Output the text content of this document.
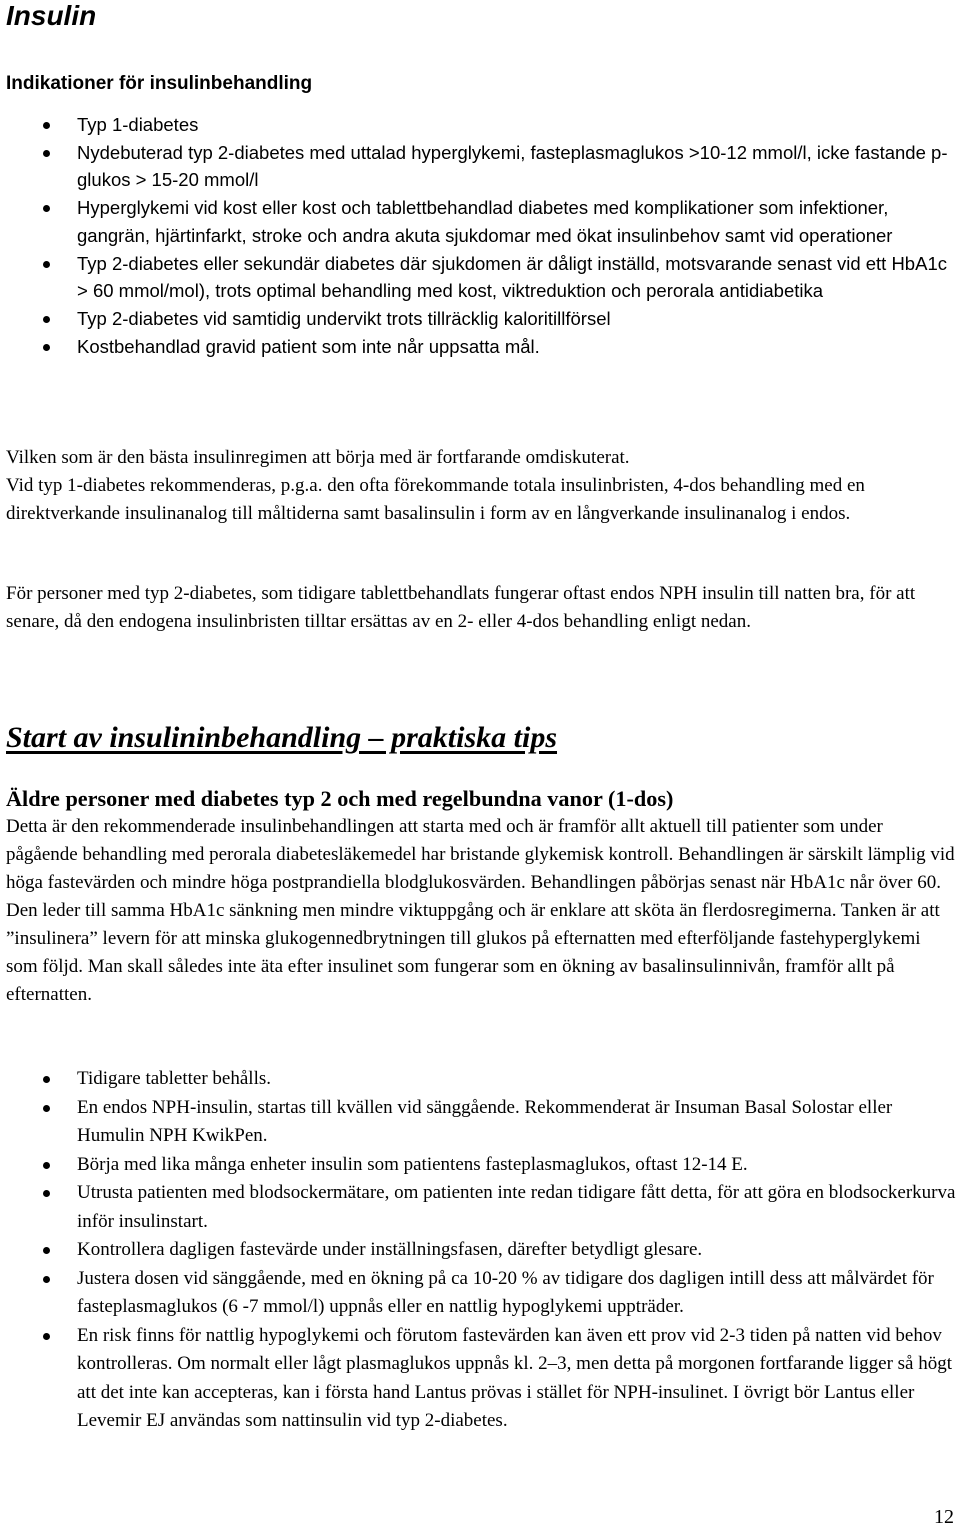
Insulin
Indikationer för insulinbehandling
Typ 1-diabetes
Nydebuterad typ 2-diabetes med uttalad hyperglykemi, fasteplasmaglukos >10-12 mmol/l, icke fastande p-glukos > 15-20 mmol/l
Hyperglykemi vid kost eller kost och tablettbehandlad diabetes med komplikationer som infektioner, gangrän, hjärtinfarkt, stroke och andra akuta sjukdomar med ökat insulinbehov samt vid operationer
Typ 2-diabetes eller sekundär diabetes där sjukdomen är dåligt inställd, motsvarande senast vid ett HbA1c > 60 mmol/mol), trots optimal behandling med kost, viktreduktion och perorala antidiabetika
Typ 2-diabetes vid samtidig undervikt trots tillräcklig kaloritillförsel
Kostbehandlad gravid patient som inte når uppsatta mål.

Vilken som är den bästa insulinregimen att börja med är fortfarande omdiskuterat.

Vid typ 1-diabetes rekommenderas, p.g.a. den ofta förekommande totala insulinbristen, 4-dos behandling med en direktverkande insulinanalog till måltiderna samt basalinsulin i form av en långverkande insulinanalog i endos.

För personer med typ 2-diabetes, som tidigare tablettbehandlats fungerar oftast endos NPH insulin till natten bra, för att senare, då den endogena insulinbristen tilltar ersättas av en 2- eller 4-dos behandling enligt nedan.

Start av insulininbehandling – praktiska tips
Äldre personer med diabetes typ 2 och med regelbundna vanor (1-dos)

Detta är den rekommenderade insulinbehandlingen att starta med och är framför allt aktuell till patienter som under pågående behandling med perorala diabetesläkemedel har bristande glykemisk kontroll. Behandlingen är särskilt lämplig vid höga fastevärden och mindre höga postprandiella blodglukosvärden. Behandlingen påbörjas senast när HbA1c når över 60. Den leder till samma HbA1c sänkning men mindre viktuppgång och är enklare att sköta än flerdosregimerna. Tanken är att ”insulinera” levern för att minska glukogennedbrytningen till glukos på efternatten med efterföljande fastehyperglykemi som följd. Man skall således inte äta efter insulinet som fungerar som en ökning av basalinsulinnivån, framför allt på efternatten.

Tidigare tabletter behålls.
En endos NPH-insulin, startas till kvällen vid sänggående. Rekommenderat är Insuman Basal Solostar eller Humulin NPH KwikPen.
Börja med lika många enheter insulin som patientens fasteplasmaglukos, oftast 12-14 E.
Utrusta patienten med blodsockermätare, om patienten inte redan tidigare fått detta, för att göra en blodsockerkurva inför insulinstart.
Kontrollera dagligen fastevärde under inställningsfasen, därefter betydligt glesare.
Justera dosen vid sänggående, med en ökning på ca 10-20 % av tidigare dos dagligen intill dess att målvärdet för fasteplasmaglukos (6 -7 mmol/l) uppnås eller en nattlig hypoglykemi uppträder.
En risk finns för nattlig hypoglykemi och förutom fastevärden kan även ett prov vid 2-3 tiden på natten vid behov kontrolleras. Om normalt eller lågt plasmaglukos uppnås kl. 2–3, men detta på morgonen fortfarande ligger så högt att det inte kan accepteras, kan i första hand Lantus prövas i stället för NPH-insulinet. I övrigt bör Lantus eller Levemir EJ användas som nattinsulin vid typ 2-diabetes.
12
